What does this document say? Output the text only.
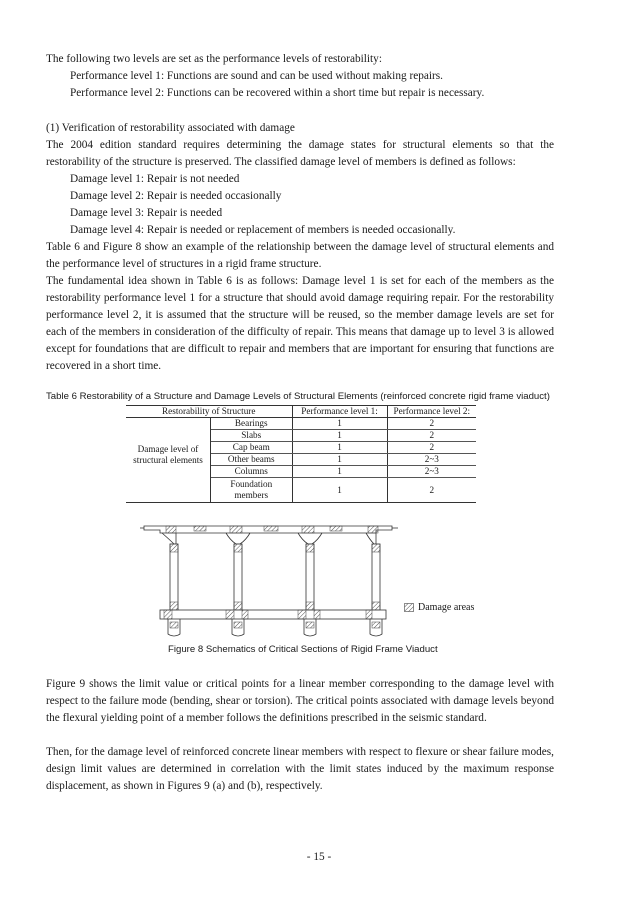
The following two levels are set as the performance levels of restorability:

Performance level 1: Functions are sound and can be used without making repairs.

Performance level 2: Functions can be recovered within a short time but repair is necessary.

(1) Verification of restorability associated with damage

The 2004 edition standard requires determining the damage states for structural elements so that the restorability of the structure is preserved. The classified damage level of members is defined as follows:

Damage level 1: Repair is not needed

Damage level 2: Repair is needed occasionally

Damage level 3: Repair is needed

Damage level 4: Repair is needed or replacement of members is needed occasionally.

Table 6 and Figure 8 show an example of the relationship between the damage level of structural elements and the performance level of structures in a rigid frame structure.

The fundamental idea shown in Table 6 is as follows: Damage level 1 is set for each of the members as the restorability performance level 1 for a structure that should avoid damage requiring repair. For the restorability performance level 2, it is assumed that the structure will be reused, so the member damage levels are set for each of the members in consideration of the difficulty of repair. This means that damage up to level 3 is allowed except for foundations that are difficult to repair and members that are important for ensuring that functions are recovered in a short time.

Table 6 Restorability of a Structure and Damage Levels of Structural Elements (reinforced concrete rigid frame viaduct)
Restorability of Structure		Performance level 1:	Performance level 2:
Damage level of structural elements	Bearings	1	2
	Slabs	1	2
	Cap beam	1	2
	Other beams	1	2~3
	Columns	1	2~3
	Foundation members	1	2
Damage areas
Figure 8 Schematics of Critical Sections of Rigid Frame Viaduct

Figure 9 shows the limit value or critical points for a linear member corresponding to the damage level with respect to the failure mode (bending, shear or torsion). The critical points associated with damage levels beyond the flexural yielding point of a member follows the definitions prescribed in the seismic standard.

Then, for the damage level of reinforced concrete linear members with respect to flexure or shear failure modes, design limit values are determined in correlation with the limit states induced by the maximum response displacement, as shown in Figures 9 (a) and (b), respectively.

- 15 -
